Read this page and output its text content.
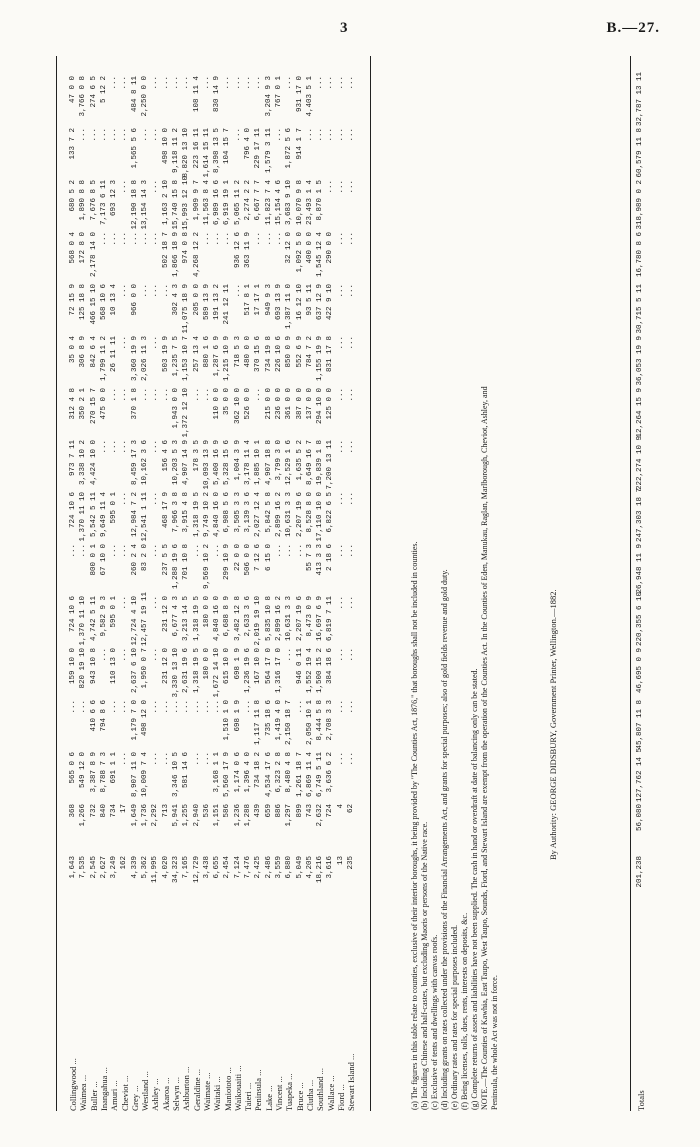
3	B.—27.
Collingwood ... Waimea ... Buller ... Inangahua ... Amuri ... Cheviot ... Grey ... Westland ... Ashley ... Akaroa ... Selwyn ... Ashburton ... Geraldine ... Waimate ... Waitaki ... Maniototo ... Waikouaiti ... Taieri ... Peninsula ... Lake ... Vincent ... Tuapeka ... Bruce ... Clutha ... Southland ... Wallace ... Fiord ... Stewart Island ...
1,643 7,535 2,545 2,627 3,249 162 4,339 5,362 11,995 4,020 34,323 7,165 12,729 3,438 6,655 2,454 7,124 7,476 2,425 2,486 3,559 6,880 5,049 4,205 18,216 3,616 13 235
368 1,266 732 840 734 17 1,649 1,736 2,292 713 5,941 1,255 2,940 536 1,151 586 1,236 1,288 439 659 886 1,297 899 743 2,632 724 4 62
565 0 6 549 12 0 3,387 8 9 8,788 7 3 691 1 1 ... 8,907 11 0 10,009 7 4 ... ... 3,346 10 5 581 14 6 ... ... 3,168 1 1 5,560 17 9 1,174 0 6 1,396 4 0 734 18 2 4,534 17 6 6,323 2 8 8,480 4 8 1,261 18 7 6,869 11 4 6,749 5 11 3,636 6 2 ... ...
... ... 410 6 6 794 8 6 ... ... 1,179 7 0 498 12 0 ... ... ... ... ... ... ... 1,510 1 0 698 1 9 ... 1,117 11 8 735 18 6 1,419 4 0 2,150 18 7 ... 2,050 10 1 8,444 5 8 2,708 3 3 ... ...
159 10 0 820 19 10 943 10 8 ... 110 13 0 ... 2,637 6 10 1,950 0 7 ... 231 12 0 3,330 13 10 2,631 19 6 1,318 19 5 180 0 0 1,672 14 10 615 10 0 698 1 9 1,236 19 6 167 10 0 564 17 0 1,316 17 0 ... 946 0 11 1,552 19 4 1,500 15 2 384 18 6 ... ...
724 10 6 1,370 11 10 4,742 5 11 9,582 9 3 595 0 1 ... 12,724 4 10 12,457 19 11 ... 231 12 0 6,677 4 3 3,213 14 5 1,318 19 5 180 0 0 4,840 16 0 6,688 8 9 3,482 12 8 2,633 3 6 2,019 19 10 5,835 10 8 2,899 16 2 10,631 3 3 2,207 19 6 8,473 0 9 16,697 6 9 6,819 7 11 ... ...
... ... 800 0 1 67 10 0 ... ... 260 2 4 83 2 0 ... 237 5 5 1,288 19 6 701 10 8 ... 9,569 10 2 ... 299 10 9 22 0 0 506 0 0 7 12 6 6 15 0 ... ... ... 55 7 3 413 3 3 2 18 6 ... ...
724 10 6 1,370 11 10 5,542 5 11 9,649 11 4 595 0 1 ... 12,984 7 2 12,541 1 11 ... 468 17 9 7,966 3 8 3,915 4 8 1,318 19 5 9,749 10 2 4,840 16 0 6,988 5 6 3,505 3 3 3,139 3 6 2,027 12 4 5,842 5 8 2,899 16 2 10,631 3 3 2,207 19 6 8,528 8 0 17,110 10 0 6,822 6 5 ... ...
973 7 11 3,338 10 2 4,424 10 0 ... ... ... 8,459 17 3 10,162 3 6 ... 156 4 6 10,203 5 3 4,907 14 9 178 3 5 10,093 13 9 5,400 16 9 5,328 15 6 1,004 3 9 3,178 11 4 1,885 10 1 4,907 18 8 3,799 3 0 12,529 1 6 1,635 5 2 8,649 16 7 19,839 1 8 7,200 13 11 ... ...
312 4 8 350 2 1 270 15 7 475 0 0 ... ... 370 1 8 ... ... ... 1,943 0 0 1,372 12 10 ... ... 110 0 0 35 0 0 362 10 0 526 0 0 ... 215 0 0 236 0 0 361 0 0 387 0 0 137 0 0 294 10 0 125 0 0 ... ...
35 0 4 306 8 9 842 6 4 1,799 11 2 26 11 11 ... 3,360 19 9 2,026 11 3 ... 503 19 9 1,235 7 5 1,153 10 7 257 13 4 880 1 6 1,287 6 9 1,215 10 9 718 5 3 480 0 0 370 15 6 734 19 8 226 10 6 850 0 9 552 6 9 784 7 2 1,155 19 9 831 17 8 ... ...
72 15 9 125 18 8 466 15 10 568 10 6 10 13 4 ... 966 0 0 ... ... ... 302 4 3 11,075 18 9 205 0 0 589 13 9 191 13 2 241 12 11 ... 517 8 1 17 17 1 949 9 3 693 13 9 1,387 11 0 16 12 10 93 5 11 637 12 9 422 9 10 ... ...
568 0 4 172 8 0 2,178 14 0 ... ... ... ... ... ... 502 18 7 1,866 18 9 974 0 8 4,268 12 2 ... ... ... 936 12 6 363 11 9 ... ... ... 32 12 0 1,092 5 0 400 0 0 1,545 12 4 290 0 0 ... ...
680 5 2 1,890 8 8 7,676 8 5 7,173 6 11 693 12 3 ... 12,190 18 8 13,154 14 3 ... 1,163 2 10 15,740 15 8 15,993 12 10 1,909 9 7 11,563 8 4 6,989 16 6 6,919 19 1 5,065 11 2 2,274 2 2 6,667 7 7 11,823 7 4 15,154 4 6 3,683 9 10 10,070 9 8 23,493 1 4 8,870 1 5 ... ... ...
133 7 2 ... ... ... ... ... 1,565 5 6 ... ... 498 10 0 9,118 11 2 8,820 13 10 223 16 11 1,614 15 11 8,398 13 5 104 15 7 ... 796 4 0 229 17 11 1,579 3 11 ... 1,872 5 6 914 1 7 ... ... ... ... ...
47 0 0 3,766 0 8 274 6 5 5 12 2 ... ... 484 8 11 2,250 0 0 ... ... ... ... 108 11 4 ... 830 14 9 ... ... ... ... 3,204 9 3 767 0 1 ... 931 17 0 4,403 5 1 ... ... ... ...
Totals
201,238
56,080
127,762 14 5
45,807 11 8
46,695 0 9
220,355 6 10
26,948 11 9
247,303 18 7
222,274 10 9
12,264 15 9
36,053 19 9
30,715 5 11
16,780 8 6
318,989 0 2
60,579 11 8
32,787 13 11
By Authority: GEORGE DIDSBURY, Government Printer, Wellington.—1882.
(a) The figures in this table relate to counties, exclusive of their interior boroughs, it being provided by "The Counties Act, 1876," that boroughs shall not be included in counties. (b) Including Chinese and half-castes, but excluding Maoris or persons of the Native race. (c) Exclusive of tents and dwellings with canvas roofs. (d) Including grants on rates collected under the provisions of the Financial Arrangements Act, and grants for special purposes; also of gold fields revenue and gold duty. (e) Ordinary rates and rates for special purposes included. (f) Being licenses, tolls, dues, rents, interests on deposits, &c. (g) Complete returns of assets and liabilities have not been supplied. The cash in hand or overdraft at date of balancing only can be stated. NOTE.—The Counties of Kawhia, East Taupo, West Taupo, Sounds, Fiord, and Stewart Island are exempt from the operation of the Counties Act. In the Counties of Eden, Manukau, Raglan, Marlborough, Cheviot, Ashley, and Peninsula, the whole Act was not in force.
